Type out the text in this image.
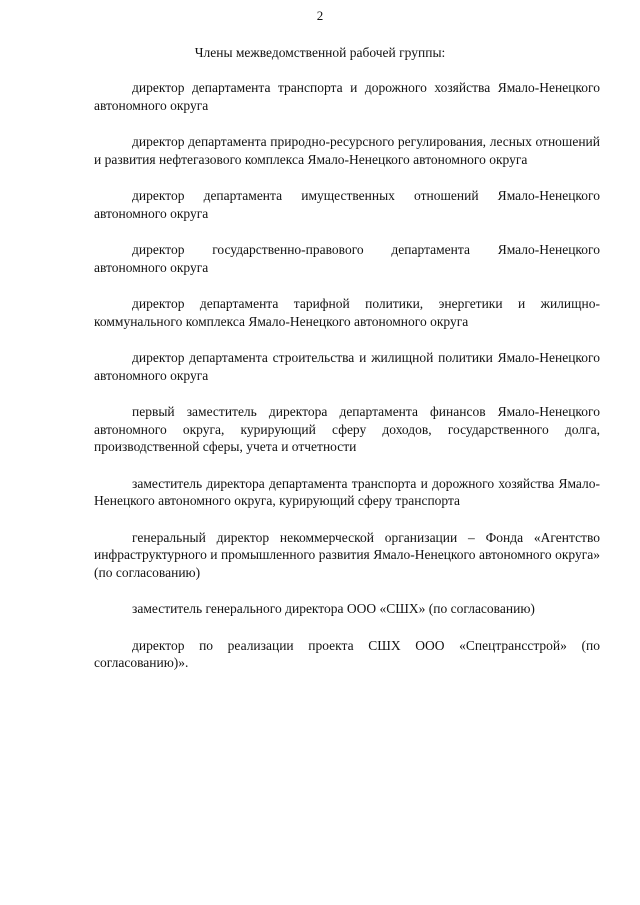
2
Члены межведомственной рабочей группы:
директор департамента транспорта и дорожного хозяйства Ямало-Ненецкого автономного округа
директор департамента природно-ресурсного регулирования, лесных отношений и развития нефтегазового комплекса Ямало-Ненецкого автономного округа
директор департамента имущественных отношений Ямало-Ненецкого автономного округа
директор государственно-правового департамента Ямало-Ненецкого автономного округа
директор департамента тарифной политики, энергетики и жилищно-коммунального комплекса Ямало-Ненецкого автономного округа
директор департамента строительства и жилищной политики Ямало-Ненецкого автономного округа
первый заместитель директора департамента финансов Ямало-Ненецкого автономного округа, курирующий сферу доходов, государственного долга, производственной сферы, учета и отчетности
заместитель директора департамента транспорта и дорожного хозяйства Ямало-Ненецкого автономного округа, курирующий сферу транспорта
генеральный директор некоммерческой организации – Фонда «Агентство инфраструктурного и промышленного развития Ямало-Ненецкого автономного округа» (по согласованию)
заместитель генерального директора ООО «СШХ» (по согласованию)
директор по реализации проекта СШХ ООО «Спецтрансстрой» (по согласованию)».
